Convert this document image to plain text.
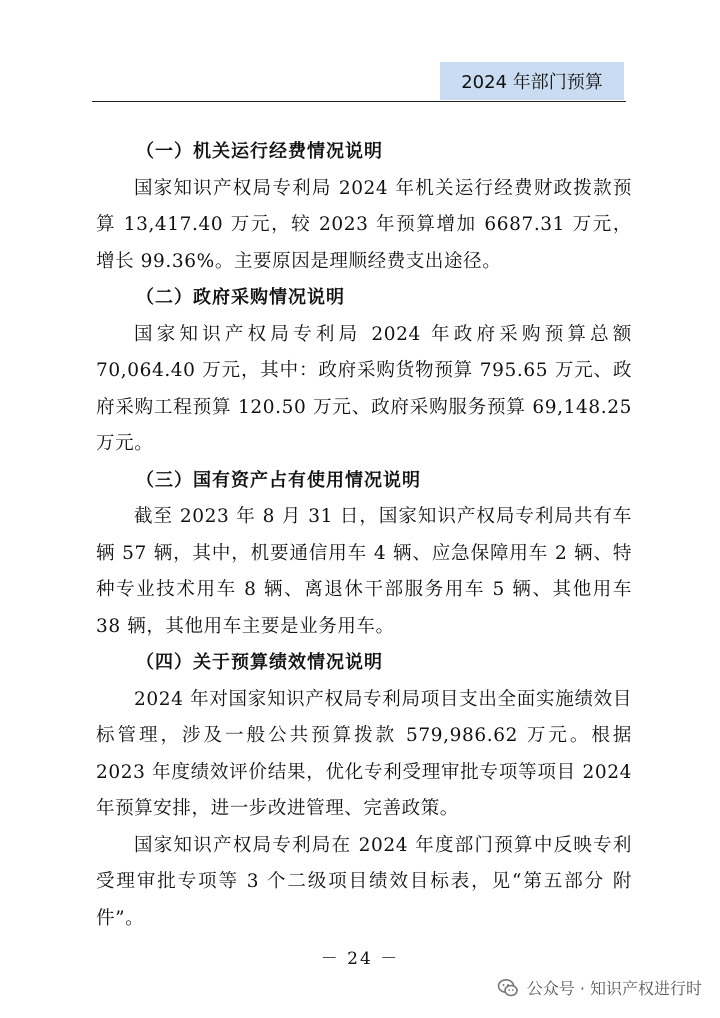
2024 年部门预算

（一）机关运行经费情况说明

国家知识产权局专利局 2024 年机关运行经费财政拨款预算 13,417.40 万元，较 2023 年预算增加 6687.31 万元，增长 99.36%。主要原因是理顺经费支出途径。

（二）政府采购情况说明

国家知识产权局专利局 2024 年政府采购预算总额 70,064.40 万元，其中：政府采购货物预算 795.65 万元、政府采购工程预算 120.50 万元、政府采购服务预算 69,148.25 万元。

（三）国有资产占有使用情况说明

截至 2023 年 8 月 31 日，国家知识产权局专利局共有车辆 57 辆，其中，机要通信用车 4 辆、应急保障用车 2 辆、特种专业技术用车 8 辆、离退休干部服务用车 5 辆、其他用车 38 辆，其他用车主要是业务用车。

（四）关于预算绩效情况说明

2024 年对国家知识产权局专利局项目支出全面实施绩效目标管理，涉及一般公共预算拨款 579,986.62 万元。根据 2023 年度绩效评价结果，优化专利受理审批专项等项目 2024 年预算安排，进一步改进管理、完善政策。

国家知识产权局专利局在 2024 年度部门预算中反映专利受理审批专项等 3 个二级项目绩效目标表，见“第五部分 附件”。

－ 24 －
公众号 · 知识产权进行时
